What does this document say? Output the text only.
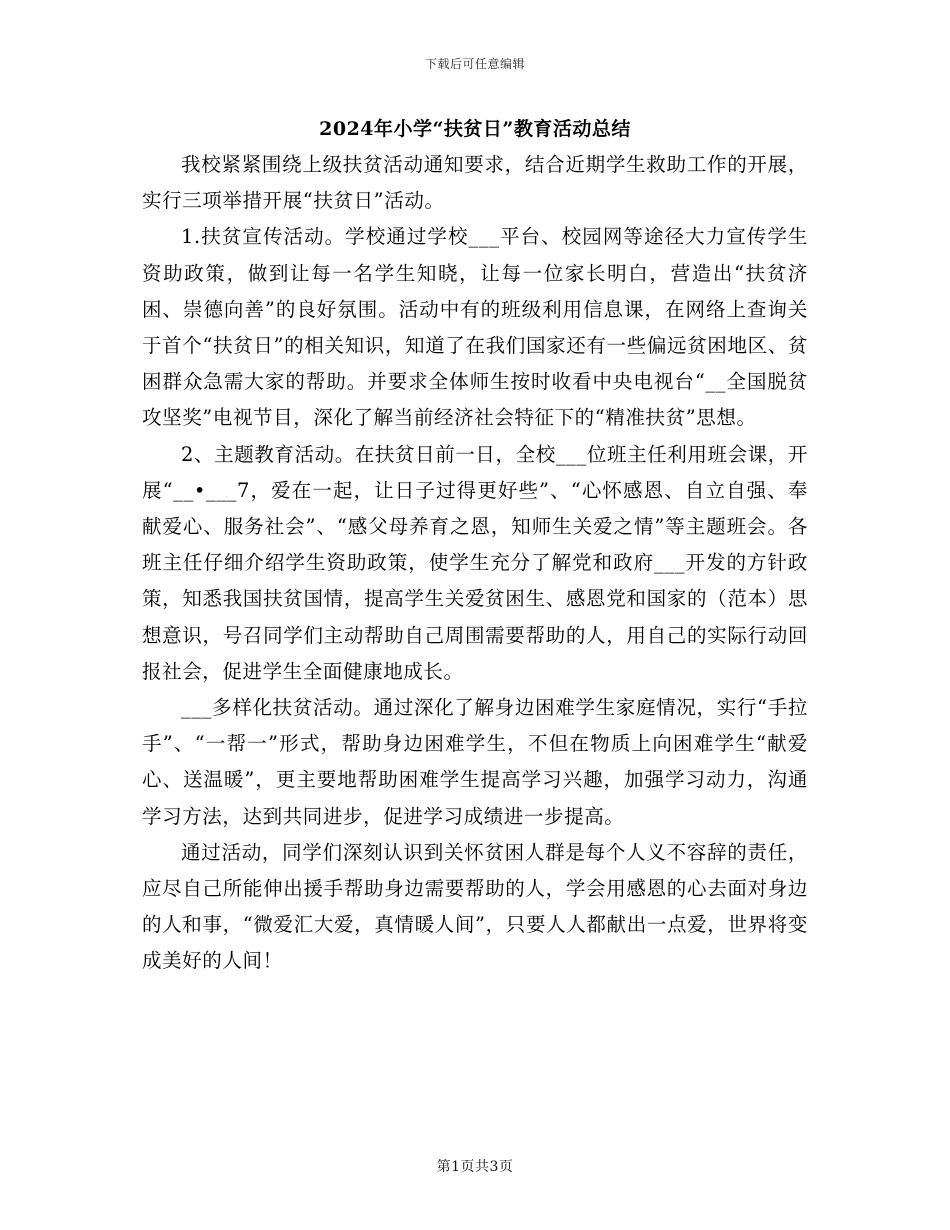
下载后可任意编辑
2024年小学“扶贫日”教育活动总结

我校紧紧围绕上级扶贫活动通知要求，结合近期学生救助工作的开展，实行三项举措开展“扶贫日”活动。

1.扶贫宣传活动。学校通过学校___平台、校园网等途径大力宣传学生资助政策，做到让每一名学生知晓，让每一位家长明白，营造出“扶贫济困、崇德向善”的良好氛围。活动中有的班级利用信息课，在网络上查询关于首个“扶贫日”的相关知识，知道了在我们国家还有一些偏远贫困地区、贫困群众急需大家的帮助。并要求全体师生按时收看中央电视台“__全国脱贫攻坚奖”电视节目，深化了解当前经济社会特征下的“精准扶贫”思想。

2、主题教育活动。在扶贫日前一日，全校___位班主任利用班会课，开展“__•___7，爱在一起，让日子过得更好些”、“心怀感恩、自立自强、奉献爱心、服务社会”、“感父母养育之恩，知师生关爱之情”等主题班会。各班主任仔细介绍学生资助政策，使学生充分了解党和政府___开发的方针政策，知悉我国扶贫国情，提高学生关爱贫困生、感恩党和国家的（范本）思想意识，号召同学们主动帮助自己周围需要帮助的人，用自己的实际行动回报社会，促进学生全面健康地成长。

___多样化扶贫活动。通过深化了解身边困难学生家庭情况，实行“手拉手”、“一帮一”形式，帮助身边困难学生，不但在物质上向困难学生“献爱心、送温暖”，更主要地帮助困难学生提高学习兴趣，加强学习动力，沟通学习方法，达到共同进步，促进学习成绩进一步提高。

通过活动，同学们深刻认识到关怀贫困人群是每个人义不容辞的责任，应尽自己所能伸出援手帮助身边需要帮助的人，学会用感恩的心去面对身边的人和事，“微爱汇大爱，真情暖人间”，只要人人都献出一点爱，世界将变成美好的人间！

第1页共3页
